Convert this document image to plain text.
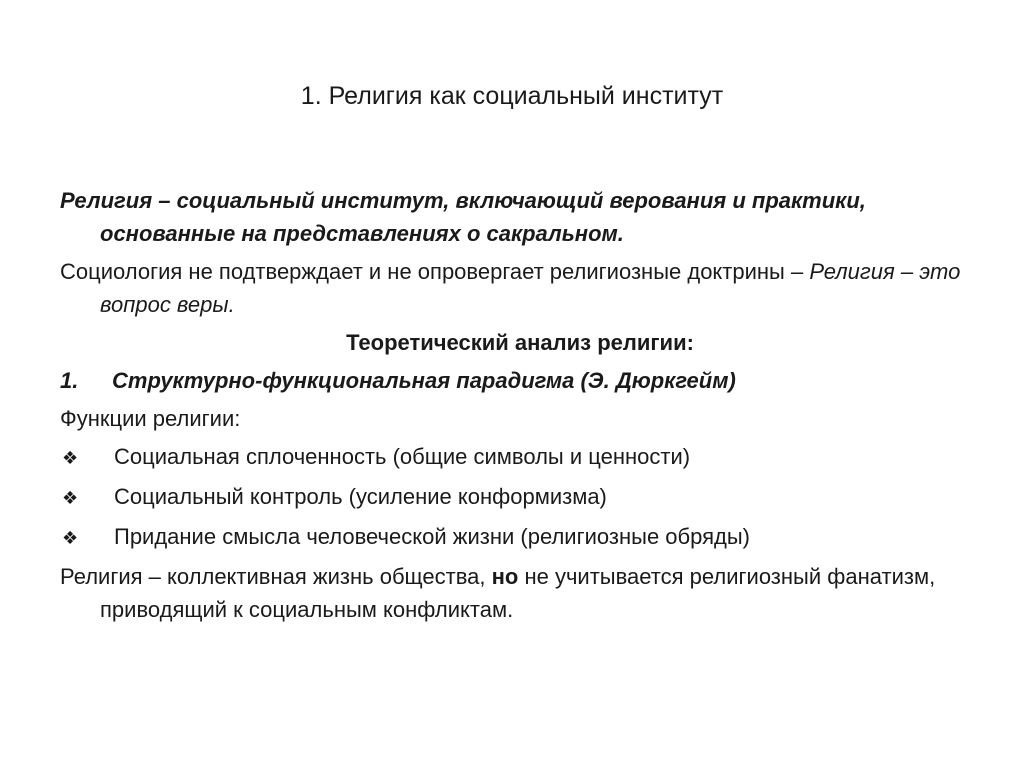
1. Религия как социальный институт

Религия – социальный институт, включающий верования и практики, основанные на представлениях о сакральном.

Социология не подтверждает и не опровергает религиозные доктрины – Религия – это вопрос веры.

Теоретический анализ религии:
1.	Структурно-функциональная парадигма (Э. Дюркгейм)

Функции религии:

❖	Социальная сплоченность (общие символы и ценности)
❖	Социальный контроль (усиление конформизма)
❖	Придание смысла человеческой жизни (религиозные обряды)

Религия – коллективная жизнь общества, но не учитывается религиозный фанатизм, приводящий к социальным конфликтам.
